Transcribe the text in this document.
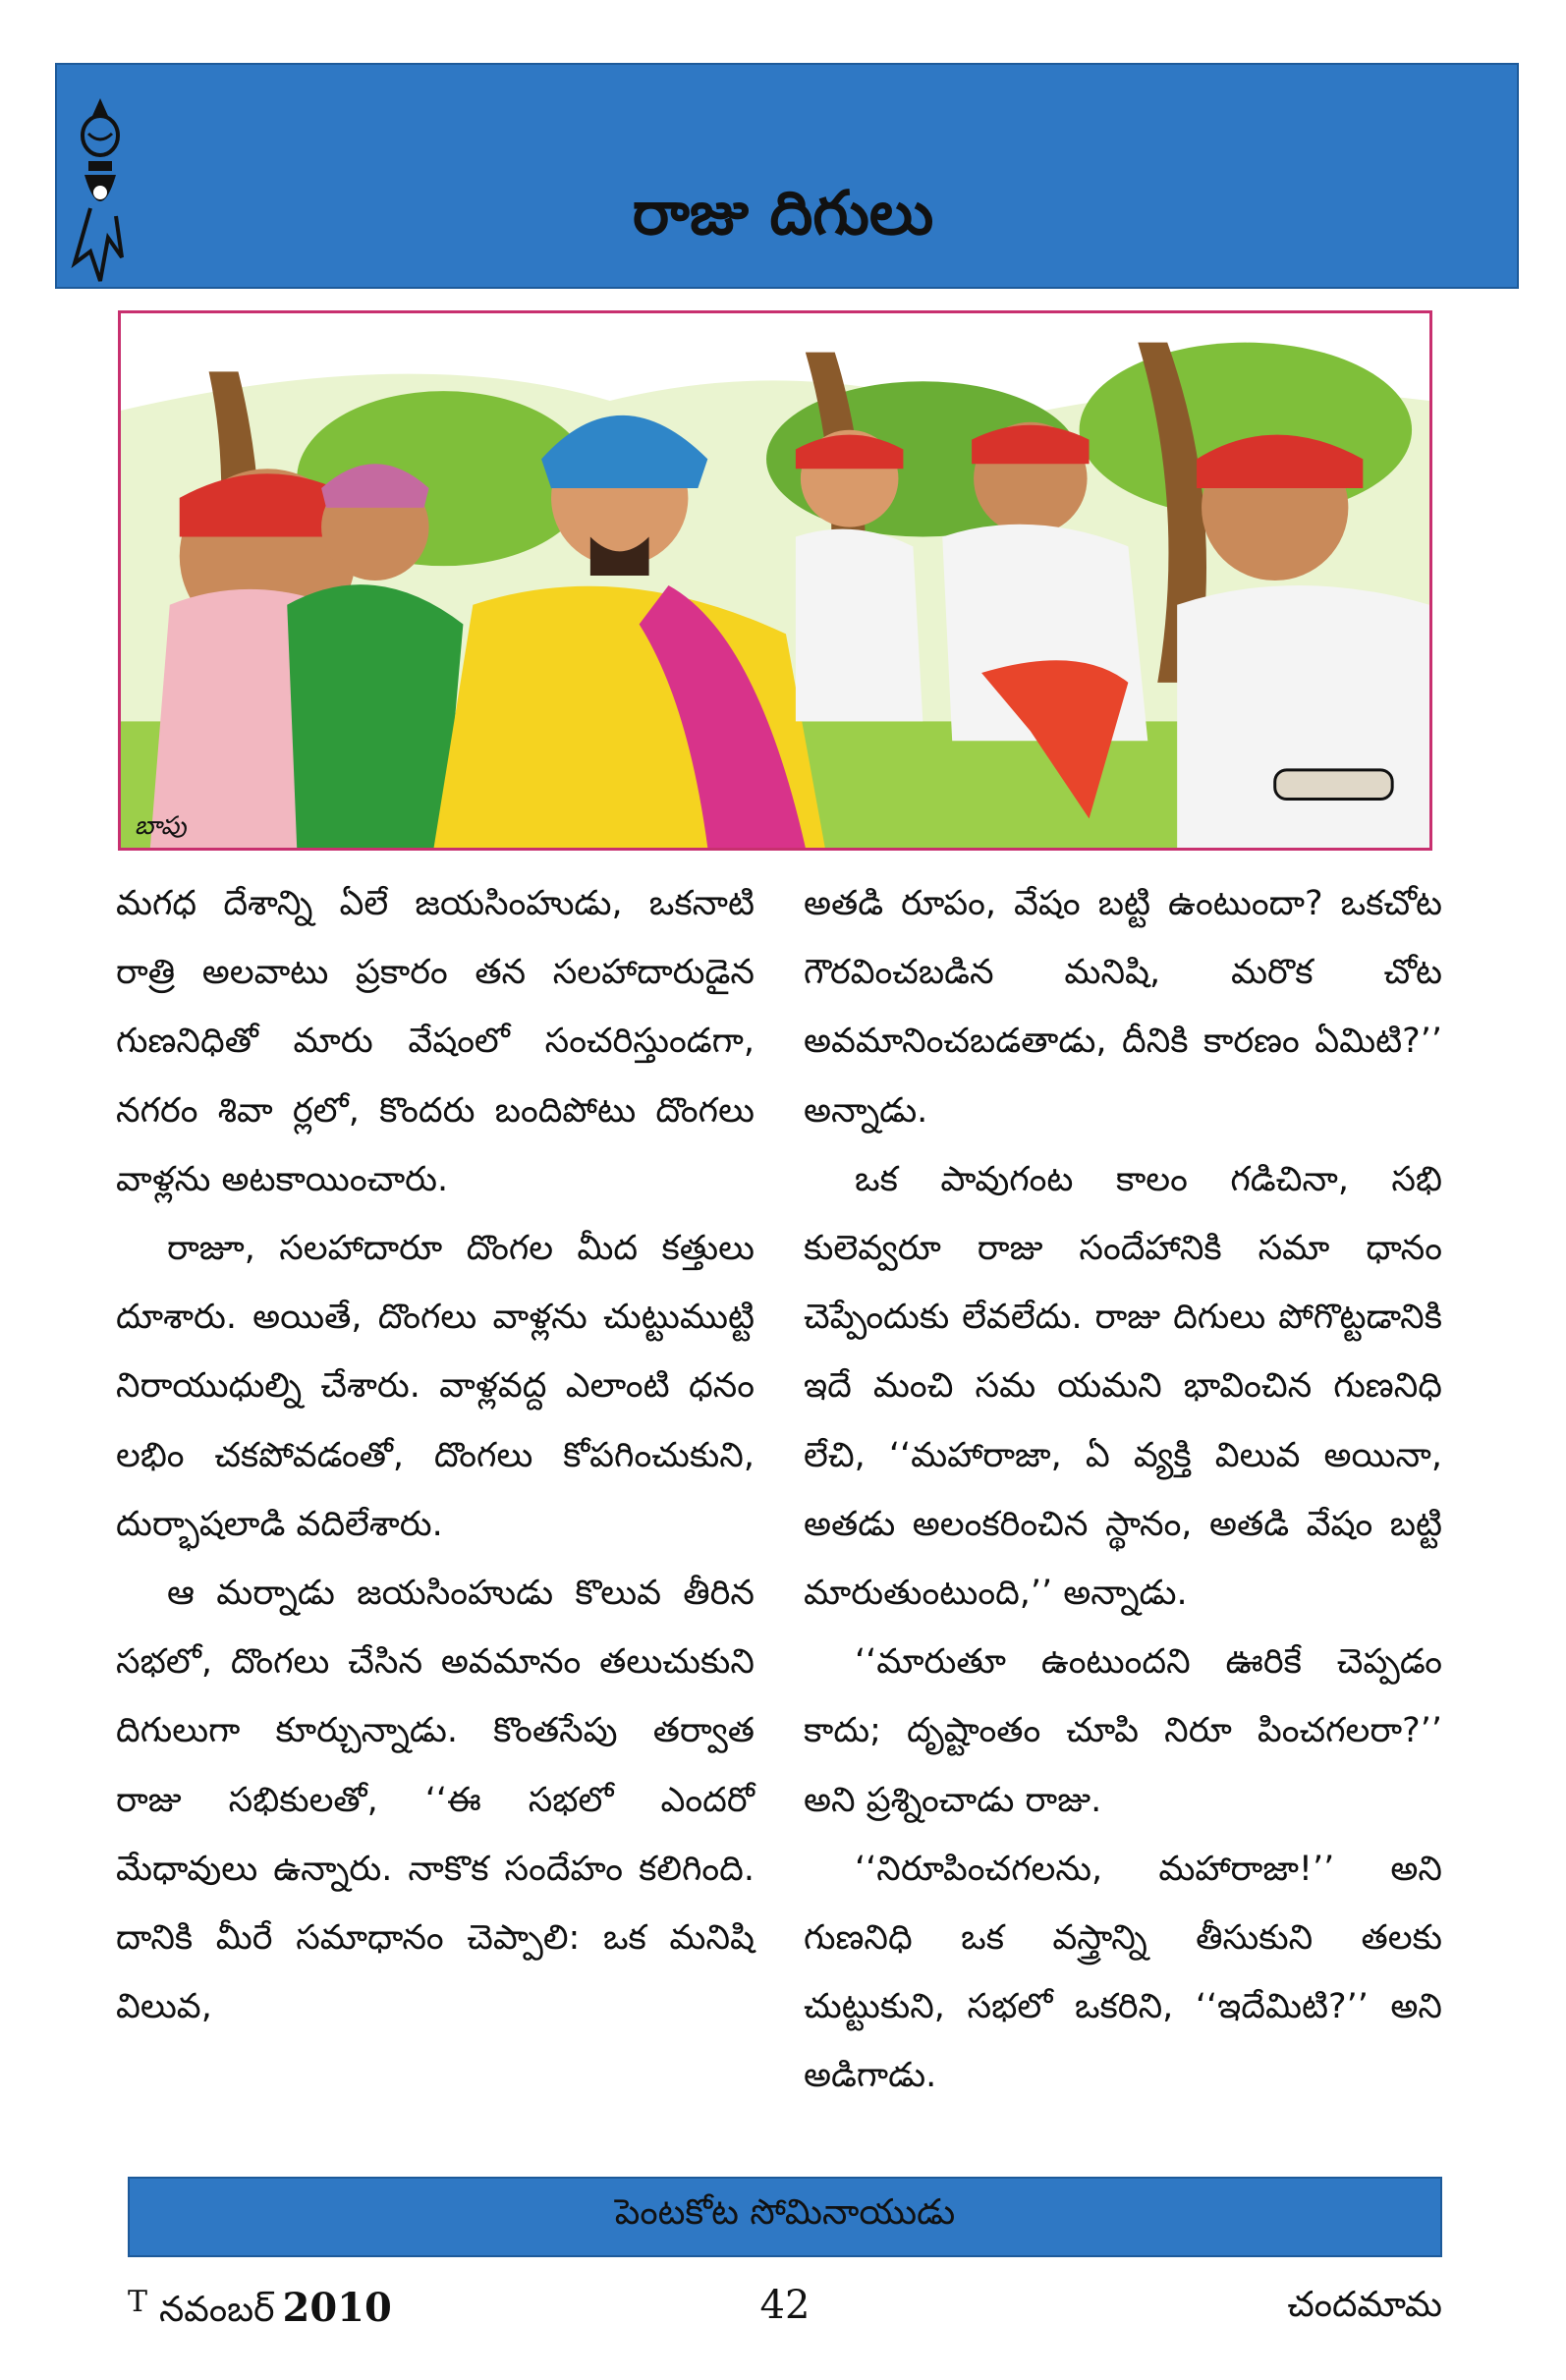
రాజు దిగులు
బాపు

మగధ దేశాన్ని ఏలే జయసింహుడు, ఒకనాటి రాత్రి అలవాటు ప్రకారం తన సలహాదారుడైన గుణనిధితో మారు వేషంలో సంచరిస్తుండగా, నగరం శివా ర్లలో, కొందరు బందిపోటు దొంగలు వాళ్లను అటకాయించారు.

రాజూ, సలహాదారూ దొంగల మీద కత్తులు దూశారు. అయితే, దొంగలు వాళ్లను చుట్టుముట్టి నిరాయుధుల్ని చేశారు. వాళ్లవద్ద ఎలాంటి ధనం లభిం చకపోవడంతో, దొంగలు కోపగించుకుని, దుర్భాషలాడి వదిలేశారు.

ఆ మర్నాడు జయసింహుడు కొలువ తీరిన సభలో, దొంగలు చేసిన అవమానం తలుచుకుని దిగులుగా కూర్చున్నాడు. కొంతసేపు తర్వాత రాజు సభికులతో, ‘‘ఈ సభలో ఎందరో మేధావులు ఉన్నారు. నాకొక సందేహం కలిగింది. దానికి మీరే సమాధానం చెప్పాలి: ఒక మనిషి విలువ,

అతడి రూపం, వేషం బట్టి ఉంటుందా? ఒకచోట గౌరవించబడిన మనిషి, మరొక చోట అవమానించబడతాడు, దీనికి కారణం ఏమిటి?’’ అన్నాడు.

ఒక పావుగంట కాలం గడిచినా, సభి కులెవ్వరూ రాజు సందేహానికి సమా ధానం చెప్పేందుకు లేవలేదు. రాజు దిగులు పోగొట్టడానికి ఇదే మంచి సమ యమని భావించిన గుణనిధి లేచి, ‘‘మహారాజా, ఏ వ్యక్తి విలువ అయినా, అతడు అలంకరించిన స్థానం, అతడి వేషం బట్టి మారుతుంటుంది,’’ అన్నాడు.

‘‘మారుతూ ఉంటుందని ఊరికే చెప్పడం కాదు; దృష్టాంతం చూపి నిరూ పించగలరా?’’ అని ప్రశ్నించాడు రాజు.

‘‘నిరూపించగలను, మహారాజా!’’ అని గుణనిధి ఒక వస్త్రాన్ని తీసుకుని తలకు చుట్టుకుని, సభలో ఒకరిని, ‘‘ఇదేమిటి?’’ అని అడిగాడు.

పెంటకోట సోమినాయుడు
$^T$ నవంబర్ 2010	42	చందమామ
